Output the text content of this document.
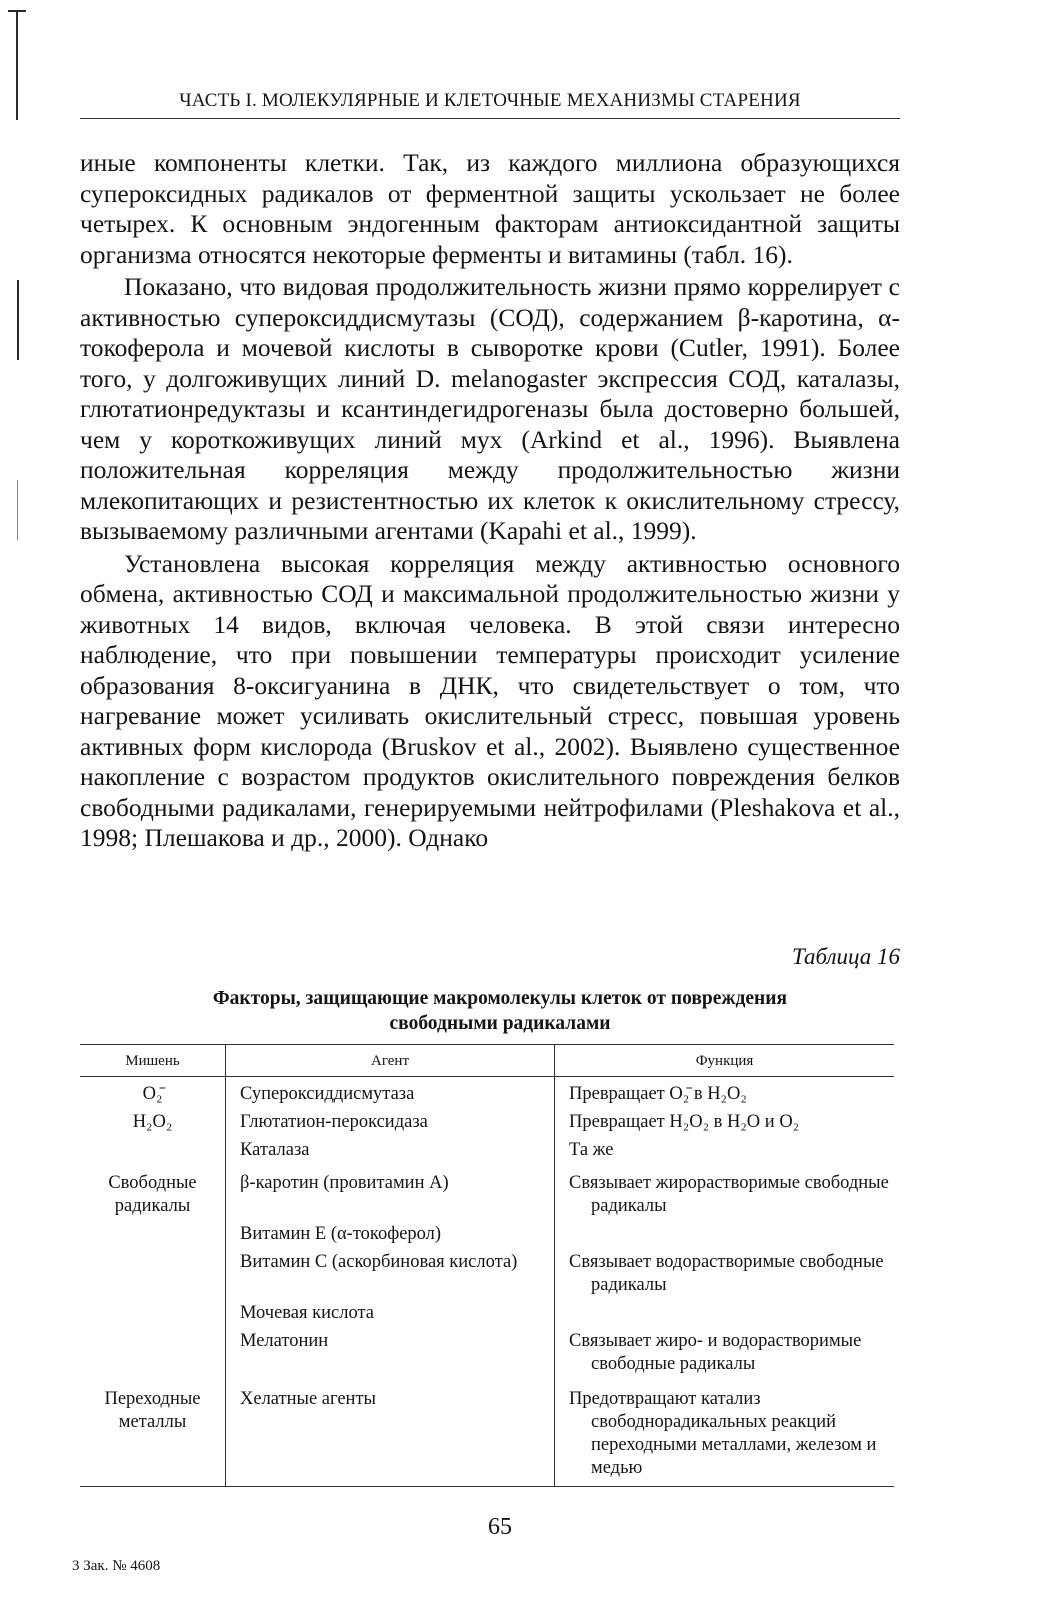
ЧАСТЬ I. МОЛЕКУЛЯРНЫЕ И КЛЕТОЧНЫЕ МЕХАНИЗМЫ СТАРЕНИЯ

иные компоненты клетки. Так, из каждого миллиона образующихся супероксидных радикалов от ферментной защиты ускользает не более четырех. К основным эндогенным факторам антиоксидантной защиты организма относятся некоторые ферменты и витамины (табл. 16).

Показано, что видовая продолжительность жизни прямо коррелирует с активностью супероксиддисмутазы (СОД), содержанием β-каротина, α-токоферола и мочевой кислоты в сыворотке крови (Cutler, 1991). Более того, у долгоживущих линий D. melanogaster экспрессия СОД, каталазы, глютатионредуктазы и ксантиндегидрогеназы была достоверно большей, чем у короткоживущих линий мух (Arkind et al., 1996). Выявлена положительная корреляция между продолжительностью жизни млекопитающих и резистентностью их клеток к окислительному стрессу, вызываемому различными агентами (Kapahi et al., 1999).

Установлена высокая корреляция между активностью основного обмена, активностью СОД и максимальной продолжительностью жизни у животных 14 видов, включая человека. В этой связи интересно наблюдение, что при повышении температуры происходит усиление образования 8-оксигуанина в ДНК, что свидетельствует о том, что нагревание может усиливать окислительный стресс, повышая уровень активных форм кислорода (Bruskov et al., 2002). Выявлено существенное накопление с возрастом продуктов окислительного повреждения белков свободными радикалами, генерируемыми нейтрофилами (Pleshakova et al., 1998; Плешакова и др., 2000). Однако

Таблица 16
Факторы, защищающие макромолекулы клеток от повреждения
свободными радикалами
Мишень	Агент	Функция
O₂̄	Супероксиддисмутаза	Превращает O₂̄ в H₂O₂
H₂O₂	Глютатион-пероксидаза	Превращает H₂O₂ в H₂O и O₂
	Каталаза	Та же
Свободные радикалы	β-каротин (провитамин А)	Связывает жирорастворимые свободные радикалы

	Витамин Е (α-токоферол)	

	Витамин С (аскорбиновая кислота)	Связывает водорастворимые свободные радикалы

	Мочевая кислота	
	Мелатонин	Связывает жиро- и водорастворимые свободные радикалы

Переходные металлы	Хелатные агенты	Предотвращают катализ свободнорадикальных реакций переходными металлами, железом и медью
65
3 Зак. № 4608
